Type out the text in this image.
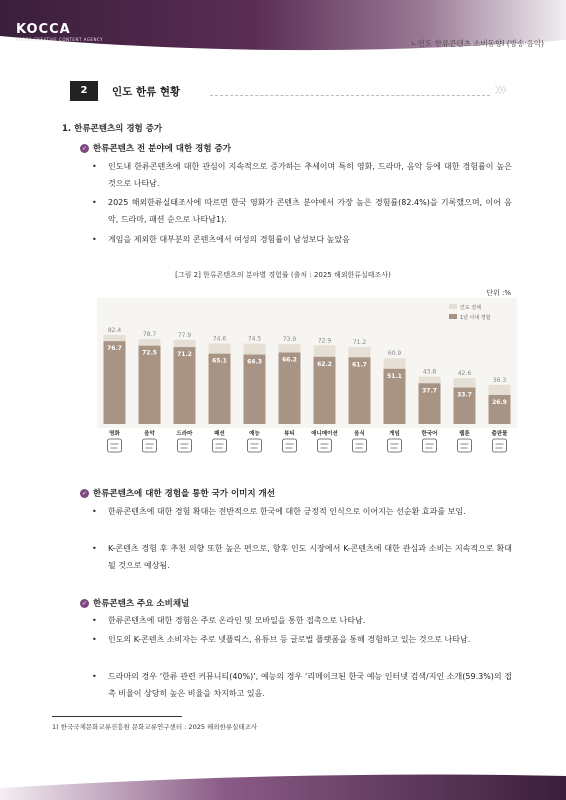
KOCCA
KOREA CREATIVE CONTENT AGENCY	ㄴ인도 한류콘텐츠 소비동향I (방송·음악)
2	인도 한류 현황	〉〉〉
1. 한류콘텐츠의 경험 증가
✓ 한류콘텐츠 전 분야에 대한 경험 증가
•	인도내 한류콘텐츠에 대한 관심이 지속적으로 증가하는 추세이며 특히 영화, 드라마, 음악 등에 대한 경험률이 높은 것으로 나타남.
•	2025 해외한류실태조사에 따르면 한국 영화가 콘텐츠 분야에서 가장 높은 경험률(82.4%)을 기록했으며, 이어 음악, 드라마, 패션 순으로 나타남1).
•	게임을 제외한 대부분의 콘텐츠에서 여성의 경험률이 남성보다 높았음
[그림 2] 한류콘텐츠의 분야별 경험률 (출처 : 2025 해외한류실태조사)
단위 :%
인도 전체
1년 이내 경험
82.4
76.7
영화
78.7
72.5
음악
77.9
71.2
드라마
74.6
65.1
패션
74.5
64.3
예능
73.9
66.2
뷰티
72.9
62.2
애니메이션
71.2
61.7
음식
60.9
51.1
게임
43.8
37.7
한국어
42.6
33.7
웹툰
36.3
26.9
출판물
✓ 한류콘텐츠에 대한 경험을 통한 국가 이미지 개선
•	한류콘텐츠에 대한 경험 확대는 전반적으로 한국에 대한 긍정적 인식으로 이어지는 선순환 효과를 보임.
•	K-콘텐츠 경험 후 추천 의향 또한 높은 편으로, 향후 인도 시장에서 K-콘텐츠에 대한 관심과 소비는 지속적으로 확대될 것으로 예상됨.
✓ 한류콘텐츠 주요 소비채널
•	한류콘텐츠에 대한 경험은 주로 온라인 및 모바일을 통한 접촉으로 나타남.
•	인도의 K-콘텐츠 소비자는 주로 넷플릭스, 유튜브 등 글로벌 플랫폼을 통해 경험하고 있는 것으로 나타남.
•	드라마의 경우 ‘한류 관련 커뮤니티(40%)’, 예능의 경우 ‘리메이크된 한국 예능 인터넷 검색/지인 소개(59.3%)의 접촉 비율이 상당히 높은 비율을 차지하고 있음.
1) 한국국제문화교류진흥원 문화교류연구센터 : 2025 해외한류실태조사
